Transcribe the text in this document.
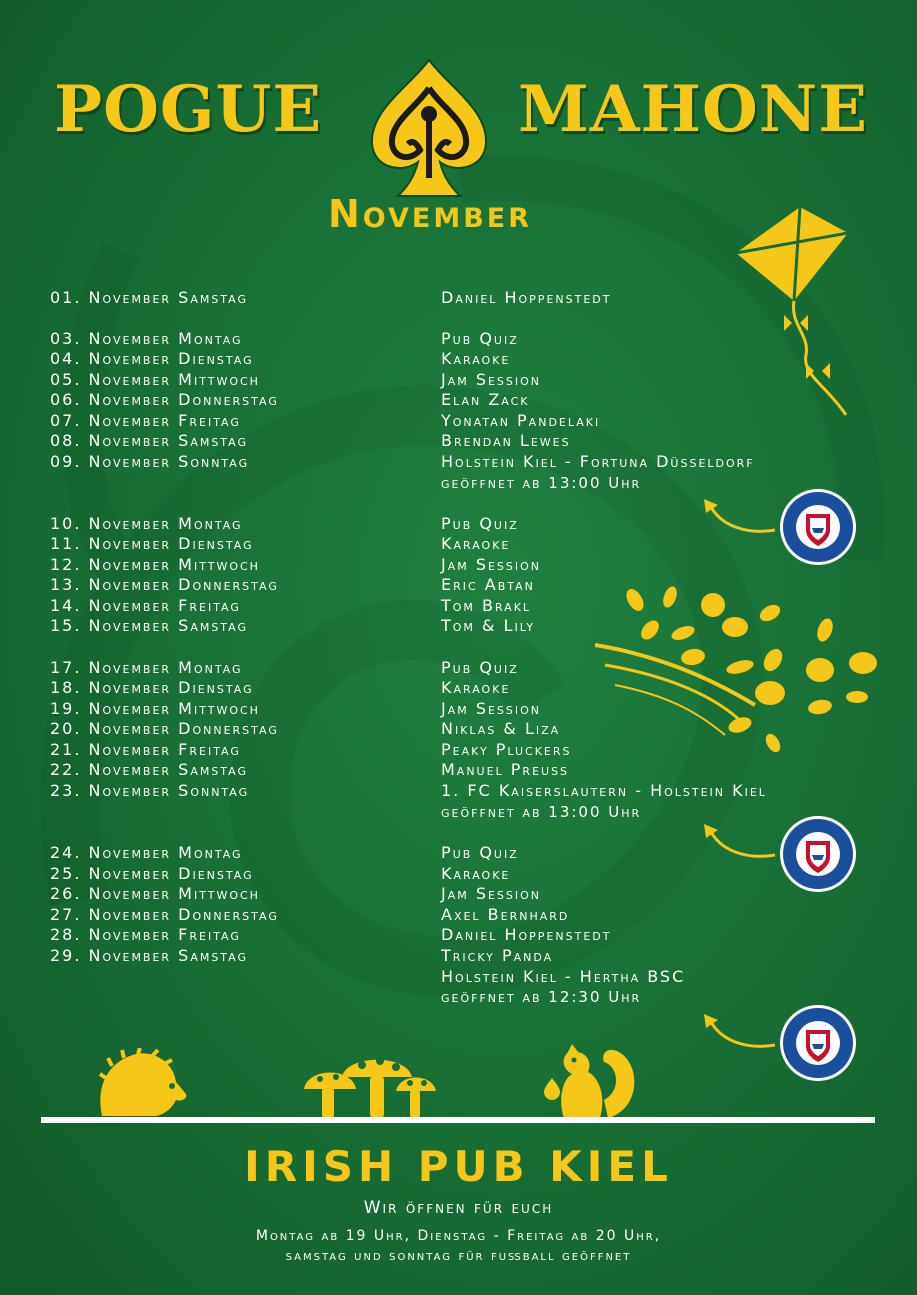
POGUE	MAHONE
November
01. November Samstag	Daniel Hoppenstedt
03. November Montag	Pub Quiz
04. November Dienstag	Karaoke
05. November Mittwoch	Jam Session
06. November Donnerstag	Elan Zack
07. November Freitag	Yonatan Pandelaki
08. November Samstag	Brendan Lewes
09. November Sonntag	Holstein Kiel - Fortuna Düsseldorf
geöffnet ab 13:00 Uhr
10. November Montag	Pub Quiz
11. November Dienstag	Karaoke
12. November Mittwoch	Jam Session
13. November Donnerstag	Eric Abtan
14. November Freitag	Tom Brakl
15. November Samstag	Tom & Lily
17. November Montag	Pub Quiz
18. November Dienstag	Karaoke
19. November Mittwoch	Jam Session
20. November Donnerstag	Niklas & Liza
21. November Freitag	Peaky Pluckers
22. November Samstag	Manuel Preuss
23. November Sonntag	1. FC Kaiserslautern - Holstein Kiel
geöffnet ab 13:00 Uhr
24. November Montag	Pub Quiz
25. November Dienstag	Karaoke
26. November Mittwoch	Jam Session
27. November Donnerstag	Axel Bernhard
28. November Freitag	Daniel Hoppenstedt
29. November Samstag	Tricky Panda
Holstein Kiel - Hertha BSC
geöffnet ab 12:30 Uhr
IRISH PUB KIEL
Wir öffnen für euch
Montag ab 19 Uhr, Dienstag - Freitag ab 20 Uhr,
samstag und sonntag für fußball geöffnet
